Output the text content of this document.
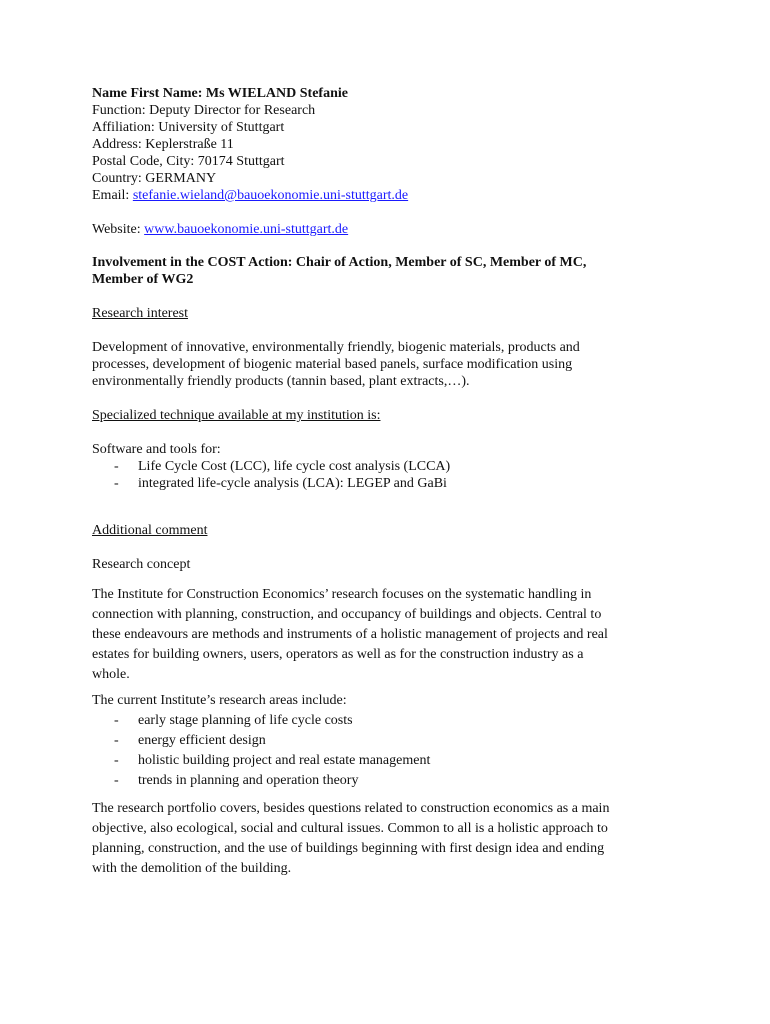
Name First Name: Ms WIELAND Stefanie

Function: Deputy Director for Research

Affiliation: University of Stuttgart

Address: Keplerstraße 11

Postal Code, City: 70174 Stuttgart

Country: GERMANY

Email: stefanie.wieland@bauoekonomie.uni-stuttgart.de

Website: www.bauoekonomie.uni-stuttgart.de

Involvement in the COST Action: Chair of Action, Member of SC, Member of MC,

Member of WG2

Research interest

Development of innovative, environmentally friendly, biogenic materials, products and

processes, development of biogenic material based panels, surface modification using

environmentally friendly products (tannin based, plant extracts,…).

Specialized technique available at my institution is:

Software and tools for:

- Life Cycle Cost (LCC), life cycle cost analysis (LCCA)
- integrated life-cycle analysis (LCA): LEGEP and GaBi

Additional comment

Research concept

The Institute for Construction Economics’ research focuses on the systematic handling in

connection with planning, construction, and occupancy of buildings and objects. Central to

these endeavours are methods and instruments of a holistic management of projects and real

estates for building owners, users, operators as well as for the construction industry as a

whole.

The current Institute’s research areas include:

- early stage planning of life cycle costs
- energy efficient design
- holistic building project and real estate management
- trends in planning and operation theory

The research portfolio covers, besides questions related to construction economics as a main

objective, also ecological, social and cultural issues. Common to all is a holistic approach to

planning, construction, and the use of buildings beginning with first design idea and ending

with the demolition of the building.
